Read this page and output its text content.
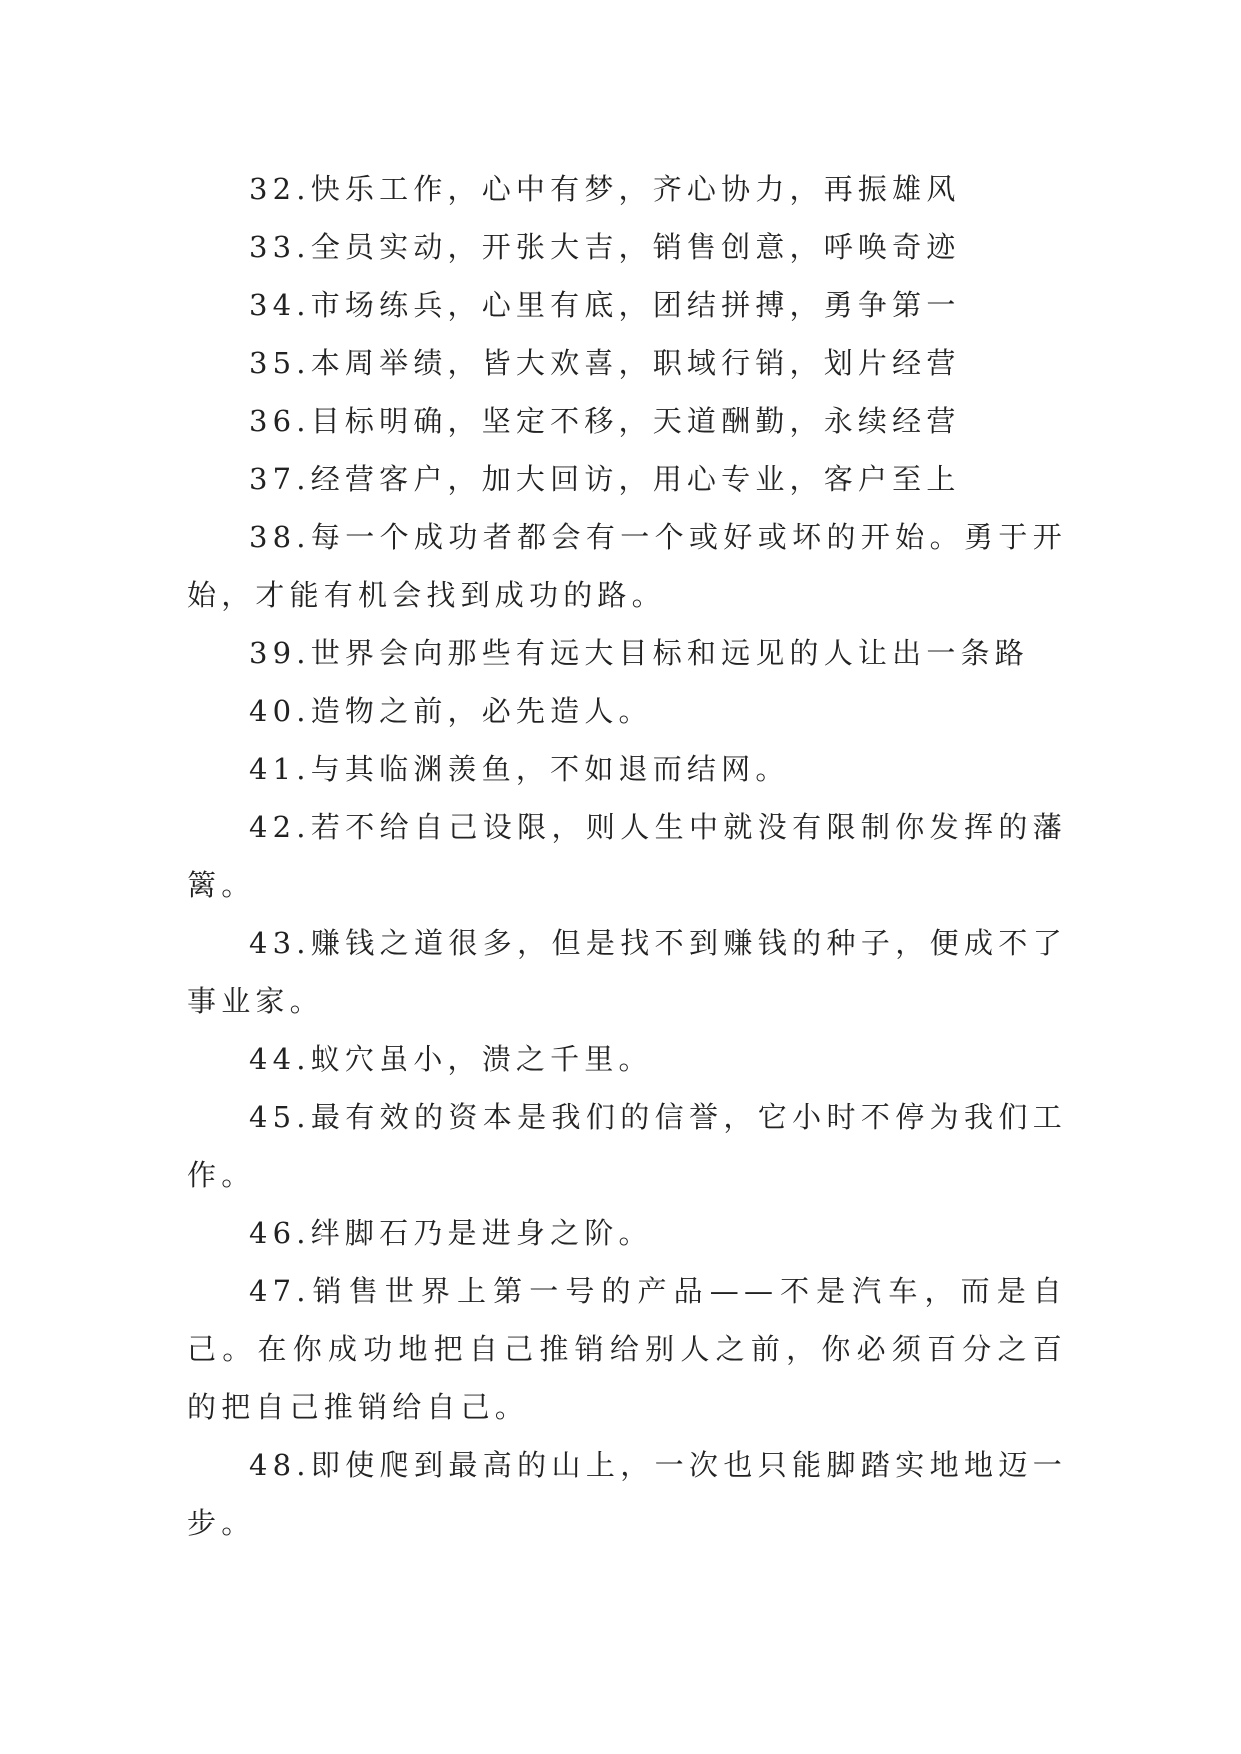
32.快乐工作，心中有梦，齐心协力，再振雄风

33.全员实动，开张大吉，销售创意，呼唤奇迹

34.市场练兵，心里有底，团结拼搏，勇争第一

35.本周举绩，皆大欢喜，职域行销，划片经营

36.目标明确，坚定不移，天道酬勤，永续经营

37.经营客户，加大回访，用心专业，客户至上

38.每一个成功者都会有一个或好或坏的开始。勇于开始，才能有机会找到成功的路。

39.世界会向那些有远大目标和远见的人让出一条路

40.造物之前，必先造人。

41.与其临渊羡鱼，不如退而结网。

42.若不给自己设限，则人生中就没有限制你发挥的藩篱。

43.赚钱之道很多，但是找不到赚钱的种子，便成不了事业家。

44.蚁穴虽小，溃之千里。

45.最有效的资本是我们的信誉，它小时不停为我们工作。

46.绊脚石乃是进身之阶。

47.销售世界上第一号的产品——不是汽车，而是自己。在你成功地把自己推销给别人之前，你必须百分之百的把自己推销给自己。

48.即使爬到最高的山上，一次也只能脚踏实地地迈一步。
